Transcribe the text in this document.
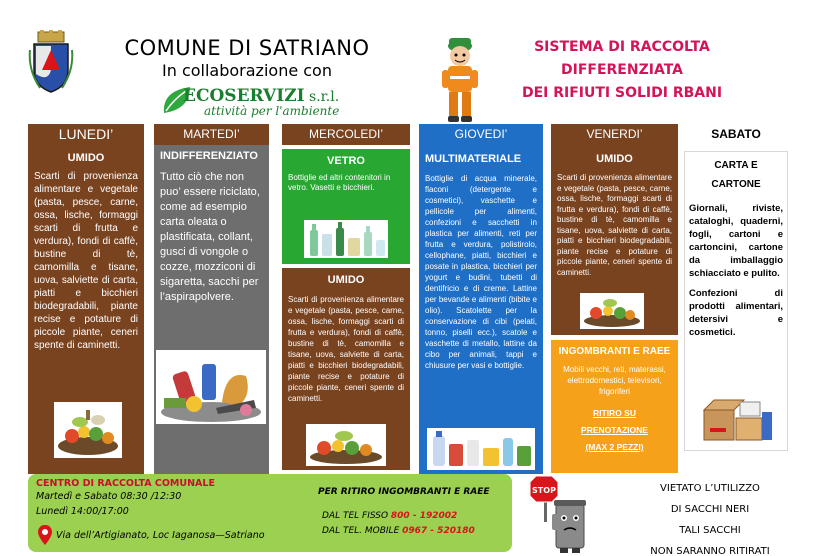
COMUNE DI SATRIANO
In collaborazione con
ECOSERVIZI s.r.l.
attività per l'ambiente
SISTEMA DI RACCOLTA
DIFFERENZIATA
DEI RIFIUTI SOLIDI RBANI
LUNEDI’	MARTEDI’	MERCOLEDI’	GIOVEDI’	VENERDI’	SABATO
UMIDO
Scarti di provenienza alimentare e vegetale (pasta, pesce, carne, ossa, lische, formaggi scarti di frutta e verdura), fondi di caffè, bustine di tè, camomilla e tisane, uova, salviette di carta, piatti e bicchieri biodegradabili, piante recise e potature di piccole piante, ceneri spente di caminetti.
INDIFFERENZIATO
Tutto ciò che non puo’ essere riciclato, come ad esempio carta oleata o plastificata, collant, gusci di vongole o cozze, mozziconi di sigaretta, sacchi per l’aspirapolvere.
VETRO
Bottiglie ed altri contenitori in vetro. Vasetti e bicchieri.
UMIDO
Scarti di provenienza alimentare e vegetale (pasta, pesce, carne, ossa, lische, formaggi scarti di frutta e verdura), fondi di caffè, bustine di tè, camomilla e tisane, uova, salviette di carta, piatti e bicchieri biodegradabili, piante recise e potature di piccole piante, ceneri spente di caminetti.
MULTIMATERIALE
Bottiglie di acqua minerale, flaconi (detergente e cosmetici), vaschette e pellicole per alimenti, confezioni e sacchetti in plastica per alimenti, reti per frutta e verdura, polistirolo, cellophane, piatti, bicchieri e posate in plastica, bicchieri per yogurt e budini, tubetti di dentifricio e di creme. Lattine per bevande e alimenti (bibite e olio). Scatolette per la conservazione di cibi (pelati, tonno, piselli ecc.), scatole e vaschette di metallo, lattine da cibo per animali, tappi e chiusure per vasi e bottiglie.
UMIDO
Scarti di provenienza alimentare e vegetale (pasta, pesce, carne, ossa, lische, formaggi scarti di frutta e verdura), fondi di caffè, bustine di tè, camomilla e tisane, uova, salviette di carta, piatti e bicchieri biodegradabili, piante recise e potature di piccole piante, ceneri spente di caminetti.
INGOMBRANTI E RAEE
Mobili vecchi, reti, materassi, elettrodomestici, televisori, frigoriferi
RITIRO SU
PRENOTAZIONE
(MAX 2 PEZZI)
CARTA E
CARTONE
Giornali, riviste, cataloghi, quaderni, fogli, cartoni e cartoncini, cartone da imballaggio schiacciato e pulito.
Confezioni di prodotti alimentari, detersivi e cosmetici.
CENTRO DI RACCOLTA COMUNALE
Martedì e Sabato 08:30 /12:30
Lunedì 14:00/17:00
Via dell’Artigianato, Loc Iaganosa—Satriano
PER RITIRO INGOMBRANTI E RAEE
DAL TEL FISSO 800 - 192002
DAL TEL. MOBILE 0967 - 520180
STOP	VIETATO L’UTILIZZO
DI SACCHI NERI
TALI SACCHI
NON SARANNO RITIRATI
